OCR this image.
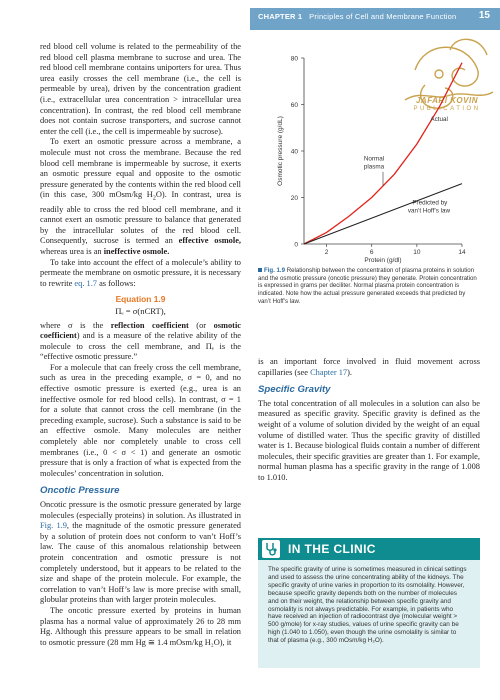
CHAPTER 1 Principles of Cell and Membrane Function 15
JAFARI KOVIN
PUBLICATION

red blood cell volume is related to the permeability of the red blood cell plasma membrane to sucrose and urea. The red blood cell membrane contains uniporters for urea. Thus urea easily crosses the cell membrane (i.e., the cell is permeable by urea), driven by the concentration gradient (i.e., extracellular urea concentration > intracellular urea concentration). In contrast, the red blood cell membrane does not contain sucrose transporters, and sucrose cannot enter the cell (i.e., the cell is impermeable by sucrose).

To exert an osmotic pressure across a membrane, a molecule must not cross the membrane. Because the red blood cell membrane is impermeable by sucrose, it exerts an osmotic pressure equal and opposite to the osmotic pressure generated by the contents within the red blood cell (in this case, 300 mOsm/kg $H_2O$). In contrast, urea is readily able to cross the red blood cell membrane, and it cannot exert an osmotic pressure to balance that generated by the intracellular solutes of the red blood cell. Consequently, sucrose is termed an effective osmole, whereas urea is an ineffective osmole.

To take into account the effect of a molecule’s ability to permeate the membrane on osmotic pressure, it is necessary to rewrite eq. 1.7 as follows:

Equation 1.9
Πₑ = σ(nCRT),

where σ is the reflection coefficient (or osmotic coefficient) and is a measure of the relative ability of the molecule to cross the cell membrane, and Πₑ is the “effective osmotic pressure.”

For a molecule that can freely cross the cell membrane, such as urea in the preceding example, σ = 0, and no effective osmotic pressure is exerted (e.g., urea is an ineffective osmole for red blood cells). In contrast, σ = 1 for a solute that cannot cross the cell membrane (in the preceding example, sucrose). Such a substance is said to be an effective osmole. Many molecules are neither completely able nor completely unable to cross cell membranes (i.e., 0 < σ < 1) and generate an osmotic pressure that is only a fraction of what is expected from the molecules’ concentration in solution.

Oncotic Pressure

Oncotic pressure is the osmotic pressure generated by large molecules (especially proteins) in solution. As illustrated in Fig. 1.9, the magnitude of the osmotic pressure generated by a solution of protein does not conform to van’t Hoff’s law. The cause of this anomalous relationship between protein concentration and osmotic pressure is not completely understood, but it appears to be related to the size and shape of the protein molecule. For example, the correlation to van’t Hoff’s law is more precise with small, globular proteins than with larger protein molecules.

The oncotic pressure exerted by proteins in human plasma has a normal value of approximately 26 to 28 mm Hg. Although this pressure appears to be small in relation to osmotic pressure (28 mm Hg ≅ 1.4 mOsm/kg H₂O), it

0
20
40
60
80
2	6	10	14
Protein (g/dl)
Osmotic pressure (g/dL)	Actual
Normal
plasma
Predicted by
van’t Hoff’s law
Fig. 1.9 Relationship between the concentration of plasma proteins in solution and the osmotic pressure (oncotic pressure) they generate. Protein concentration is expressed in grams per deciliter. Normal plasma protein concentration is indicated. Note how the actual pressure generated exceeds that predicted by van’t Hoff’s law.

is an important force involved in fluid movement across capillaries (see Chapter 17).

Specific Gravity

The total concentration of all molecules in a solution can also be measured as specific gravity. Specific gravity is defined as the weight of a volume of solution divided by the weight of an equal volume of distilled water. Thus the specific gravity of distilled water is 1. Because biological fluids contain a number of different molecules, their specific gravities are greater than 1. For example, normal human plasma has a specific gravity in the range of 1.008 to 1.010.

IN THE CLINIC
The specific gravity of urine is sometimes measured in clinical settings and used to assess the urine concentrating ability of the kidneys. The specific gravity of urine varies in proportion to its osmolality. However, because specific gravity depends both on the number of molecules and on their weight, the relationship between specific gravity and osmolality is not always predictable. For example, in patients who have received an injection of radiocontrast dye (molecular weight > 500 g/mole) for x-ray studies, values of urine specific gravity can be high (1.040 to 1.050), even though the urine osmolality is similar to that of plasma (e.g., 300 mOsm/kg H₂O).
